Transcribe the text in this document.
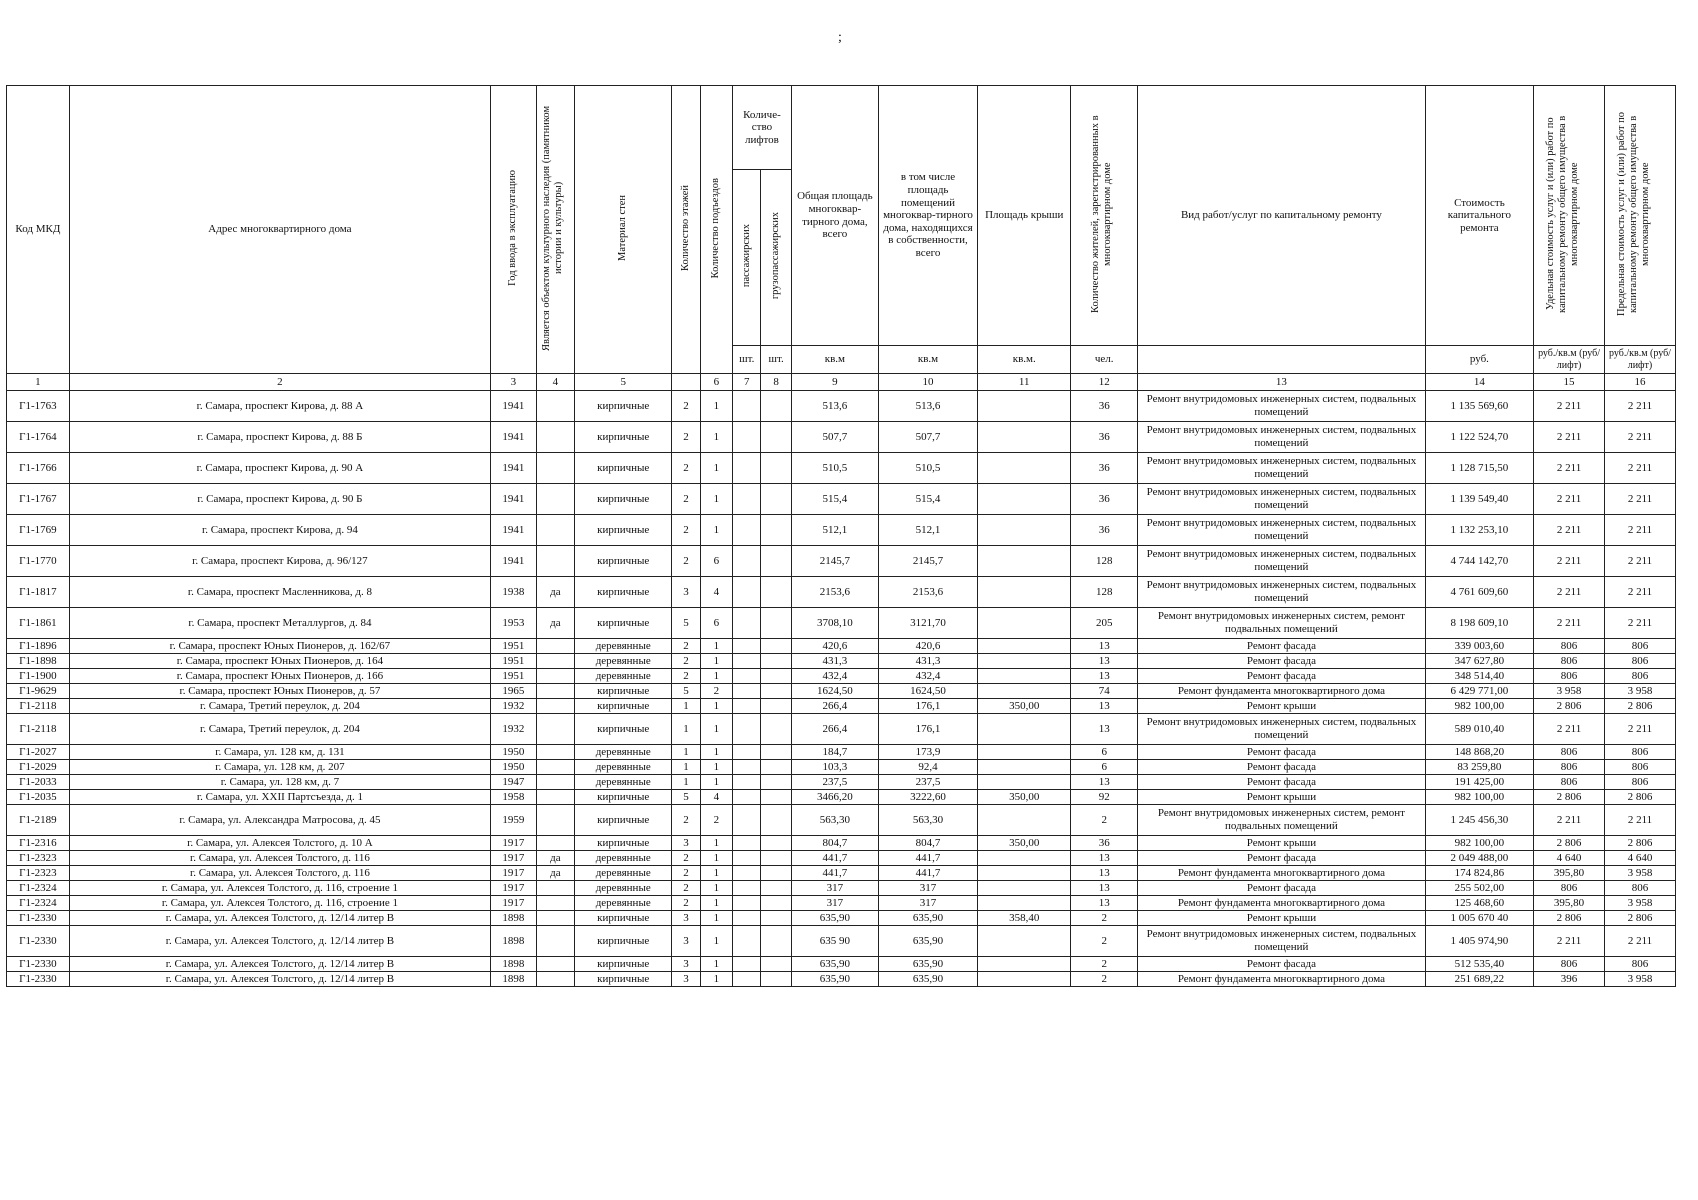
;
Код МКД	Адрес многоквартирного дома	Год ввода в эксплуатацию	Является объектом культурного наследия (памятником истории и культуры)	Материал стен	Количество этажей	Количество подъездов	Количе-ство лифтов		Общая площадь многоквар-тирного дома, всего	в том числе площадь помещений многоквар-тирного дома, находящихся в собственности, всего	Площадь крыши	Количество жителей, зарегистрированных в многоквартирном доме	Вид работ/услуг по капитальному ремонту	Стоимость капитального ремонта	Удельная стоимость услуг и (или) работ по капитальному ремонту общего имущества в многоквартирном доме	Предельная стоимость услуг и (или) работ по капитальному ремонту общего имущества в многоквартирном доме
							пассажирских	грузопассажирских								
							шт.	шт.	кв.м	кв.м	кв.м.	чел.		руб.	руб./кв.м (руб/лифт)	руб./кв.м (руб/лифт)
1	2	3	4	5		6	7	8	9	10	11	12	13	14	15	16
Г1-1763	г. Самара, проспект Кирова, д. 88 А	1941		кирпичные	2	1			513,6	513,6		36	Ремонт внутридомовых инженерных систем, подвальных помещений	1 135 569,60	2 211	2 211
Г1-1764	г. Самара, проспект Кирова, д. 88 Б	1941		кирпичные	2	1			507,7	507,7		36	Ремонт внутридомовых инженерных систем, подвальных помещений	1 122 524,70	2 211	2 211
Г1-1766	г. Самара, проспект Кирова, д. 90 А	1941		кирпичные	2	1			510,5	510,5		36	Ремонт внутридомовых инженерных систем, подвальных помещений	1 128 715,50	2 211	2 211
Г1-1767	г. Самара, проспект Кирова, д. 90 Б	1941		кирпичные	2	1			515,4	515,4		36	Ремонт внутридомовых инженерных систем, подвальных помещений	1 139 549,40	2 211	2 211
Г1-1769	г. Самара, проспект Кирова, д. 94	1941		кирпичные	2	1			512,1	512,1		36	Ремонт внутридомовых инженерных систем, подвальных помещений	1 132 253,10	2 211	2 211
Г1-1770	г. Самара, проспект Кирова, д. 96/127	1941		кирпичные	2	6			2145,7	2145,7		128	Ремонт внутридомовых инженерных систем, подвальных помещений	4 744 142,70	2 211	2 211
Г1-1817	г. Самара, проспект Масленникова, д. 8	1938	да	кирпичные	3	4			2153,6	2153,6		128	Ремонт внутридомовых инженерных систем, подвальных помещений	4 761 609,60	2 211	2 211
Г1-1861	г. Самара, проспект Металлургов, д. 84	1953	да	кирпичные	5	6			3708,10	3121,70		205	Ремонт внутридомовых инженерных систем, ремонт подвальных помещений	8 198 609,10	2 211	2 211
Г1-1896	г. Самара, проспект Юных Пионеров, д. 162/67	1951		деревянные	2	1			420,6	420,6		13	Ремонт фасада	339 003,60	806	806
Г1-1898	г. Самара, проспект Юных Пионеров, д. 164	1951		деревянные	2	1			431,3	431,3		13	Ремонт фасада	347 627,80	806	806
Г1-1900	г. Самара, проспект Юных Пионеров, д. 166	1951		деревянные	2	1			432,4	432,4		13	Ремонт фасада	348 514,40	806	806
Г1-9629	г. Самара, проспект Юных Пионеров, д. 57	1965		кирпичные	5	2			1624,50	1624,50		74	Ремонт фундамента многоквартирного дома	6 429 771,00	3 958	3 958
Г1-2118	г. Самара, Третий переулок, д. 204	1932		кирпичные	1	1			266,4	176,1	350,00	13	Ремонт крыши	982 100,00	2 806	2 806
Г1-2118	г. Самара, Третий переулок, д. 204	1932		кирпичные	1	1			266,4	176,1		13	Ремонт внутридомовых инженерных систем, подвальных помещений	589 010,40	2 211	2 211
Г1-2027	г. Самара, ул. 128 км, д. 131	1950		деревянные	1	1			184,7	173,9		6	Ремонт фасада	148 868,20	806	806
Г1-2029	г. Самара, ул. 128 км, д. 207	1950		деревянные	1	1			103,3	92,4		6	Ремонт фасада	83 259,80	806	806
Г1-2033	г. Самара, ул. 128 км, д. 7	1947		деревянные	1	1			237,5	237,5		13	Ремонт фасада	191 425,00	806	806
Г1-2035	г. Самара, ул. XXII Партсъезда, д. 1	1958		кирпичные	5	4			3466,20	3222,60	350,00	92	Ремонт крыши	982 100,00	2 806	2 806
Г1-2189	г. Самара, ул. Александра Матросова, д. 45	1959		кирпичные	2	2			563,30	563,30		2	Ремонт внутридомовых инженерных систем, ремонт подвальных помещений	1 245 456,30	2 211	2 211
Г1-2316	г. Самара, ул. Алексея Толстого, д. 10 А	1917		кирпичные	3	1			804,7	804,7	350,00	36	Ремонт крыши	982 100,00	2 806	2 806
Г1-2323	г. Самара, ул. Алексея Толстого, д. 116	1917	да	деревянные	2	1			441,7	441,7		13	Ремонт фасада	2 049 488,00	4 640	4 640
Г1-2323	г. Самара, ул. Алексея Толстого, д. 116	1917	да	деревянные	2	1			441,7	441,7		13	Ремонт фундамента многоквартирного дома	174 824,86	395,80	3 958
Г1-2324	г. Самара, ул. Алексея Толстого, д. 116, строение 1	1917		деревянные	2	1			317	317		13	Ремонт фасада	255 502,00	806	806
Г1-2324	г. Самара, ул. Алексея Толстого, д. 116, строение 1	1917		деревянные	2	1			317	317		13	Ремонт фундамента многоквартирного дома	125 468,60	395,80	3 958
Г1-2330	г. Самара, ул. Алексея Толстого, д. 12/14 литер В	1898		кирпичные	3	1			635,90	635,90	358,40	2	Ремонт крыши	1 005 670 40	2 806	2 806
Г1-2330	г. Самара, ул. Алексея Толстого, д. 12/14 литер В	1898		кирпичные	3	1			635 90	635,90		2	Ремонт внутридомовых инженерных систем, подвальных помещений	1 405 974,90	2 211	2 211
Г1-2330	г. Самара, ул. Алексея Толстого, д. 12/14 литер В	1898		кирпичные	3	1			635,90	635,90		2	Ремонт фасада	512 535,40	806	806
Г1-2330	г. Самара, ул. Алексея Толстого, д. 12/14 литер В	1898		кирпичные	3	1			635,90	635,90		2	Ремонт фундамента многоквартирного дома	251 689,22	396	3 958
